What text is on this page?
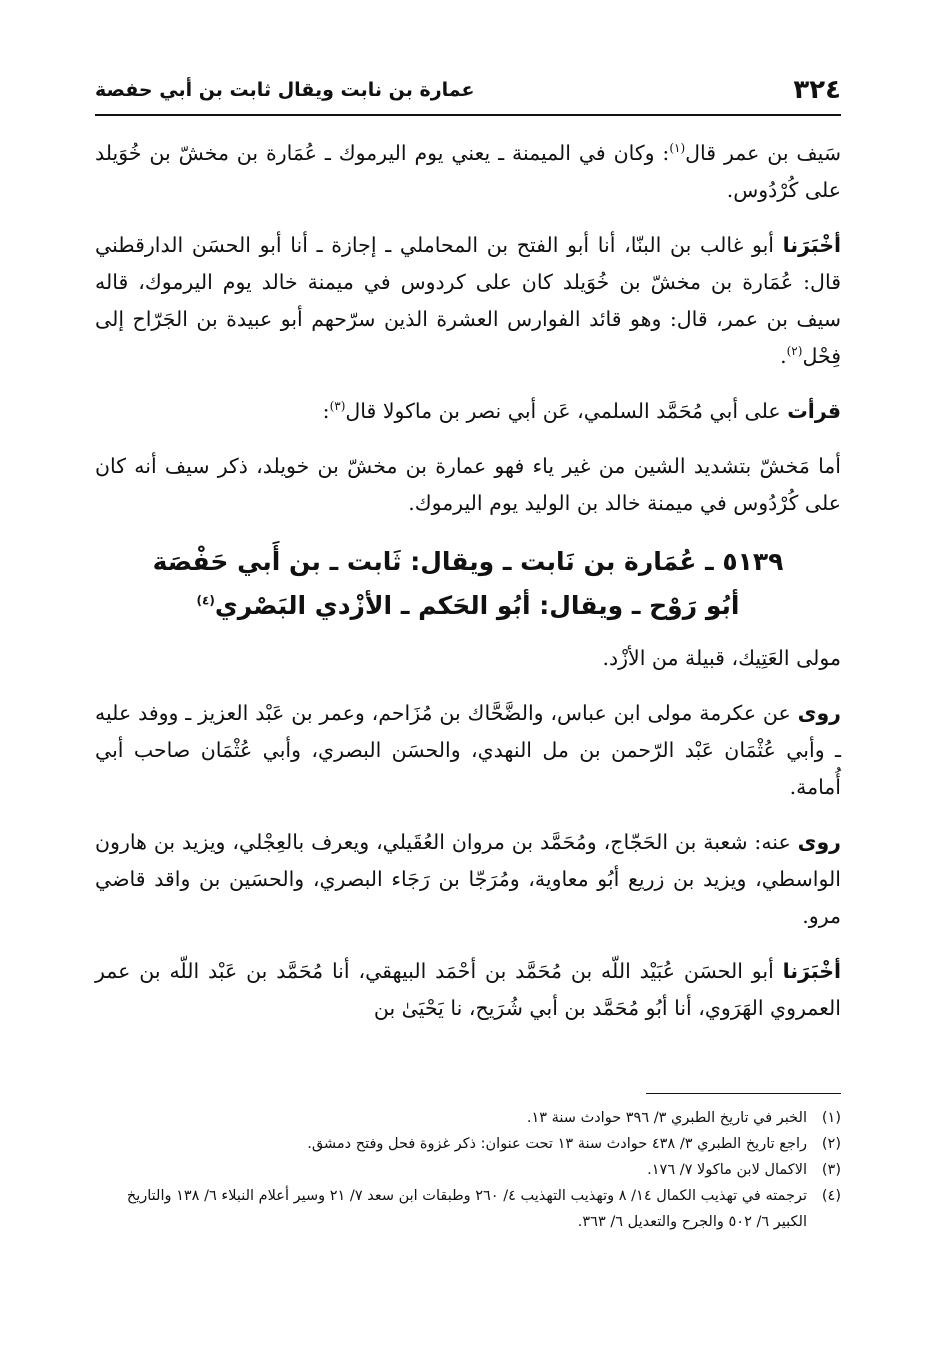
٣٢٤
عمارة بن نابت ويقال ثابت بن أبي حفصة

سَيف بن عمر قال$^{(١)}$: وكان في الميمنة ـ يعني يوم اليرموك ـ عُمَارة بن مخشّ بن خُوَيلد على كُرْدُوس.

أخْبَرَنا أبو غالب بن البنّا، أنا أبو الفتح بن المحاملي ـ إجازة ـ أنا أبو الحسَن الدارقطني قال: عُمَارة بن مخشّ بن خُوَيلد كان على كردوس في ميمنة خالد يوم اليرموك، قاله سيف بن عمر، قال: وهو قائد الفوارس العشرة الذين سرّحهم أبو عبيدة بن الجَرّاح إلى فِحْل$^{(٢)}$.

قرأت على أبي مُحَمَّد السلمي، عَن أبي نصر بن ماكولا قال$^{(٣)}$:

أما مَخشّ بتشديد الشين من غير ياء فهو عمارة بن مخشّ بن خويلد، ذكر سيف أنه كان على كُرْدُوس في ميمنة خالد بن الوليد يوم اليرموك.

٥١٣٩ ـ عُمَارة بن نَابت ـ ويقال: ثَابت ـ بن أَبي حَفْصَة
أبُو رَوْح ـ ويقال: أبُو الحَكم ـ الأزْدي البَصْري$^{(٤)}$

مولى العَتِيك، قبيلة من الأزْد.

روى عن عكرمة مولى ابن عباس، والضَّحَّاك بن مُزَاحم، وعمر بن عَبْد العزيز ـ ووفد عليه ـ وأبي عُثْمَان عَبْد الرّحمن بن مل النهدي، والحسَن البصري، وأبي عُثْمَان صاحب أبي أُمامة.

روى عنه: شعبة بن الحَجّاج، ومُحَمَّد بن مروان العُقَيلي، ويعرف بالعِجْلي، ويزيد بن هارون الواسطي، ويزيد بن زريع أبُو معاوية، ومُرَجّا بن رَجَاء البصري، والحسَين بن واقد قاضي مرو.

أخْبَرَنا أبو الحسَن عُبَيْد اللّه بن مُحَمَّد بن أحْمَد البيهقي، أنا مُحَمَّد بن عَبْد اللّه بن عمر العمروي الهَرَوي، أنا أبُو مُحَمَّد بن أبي شُرَيح، نا يَحْيَىٰ بن

(١)
الخبر في تاريخ الطبري ٣/ ٣٩٦ حوادث سنة ١٣.
(٢)
راجع تاريخ الطبري ٣/ ٤٣٨ حوادث سنة ١٣ تحت عنوان: ذكر غزوة فحل وفتح دمشق.
(٣)
الاكمال لابن ماكولا ٧/ ١٧٦.
(٤)
ترجمته في تهذيب الكمال ١٤/ ٨ وتهذيب التهذيب ٤/ ٢٦٠ وطبقات ابن سعد ٧/ ٢١ وسير أعلام النبلاء ٦/ ١٣٨ والتاريخ الكبير ٦/ ٥٠٢ والجرح والتعديل ٦/ ٣٦٣.
